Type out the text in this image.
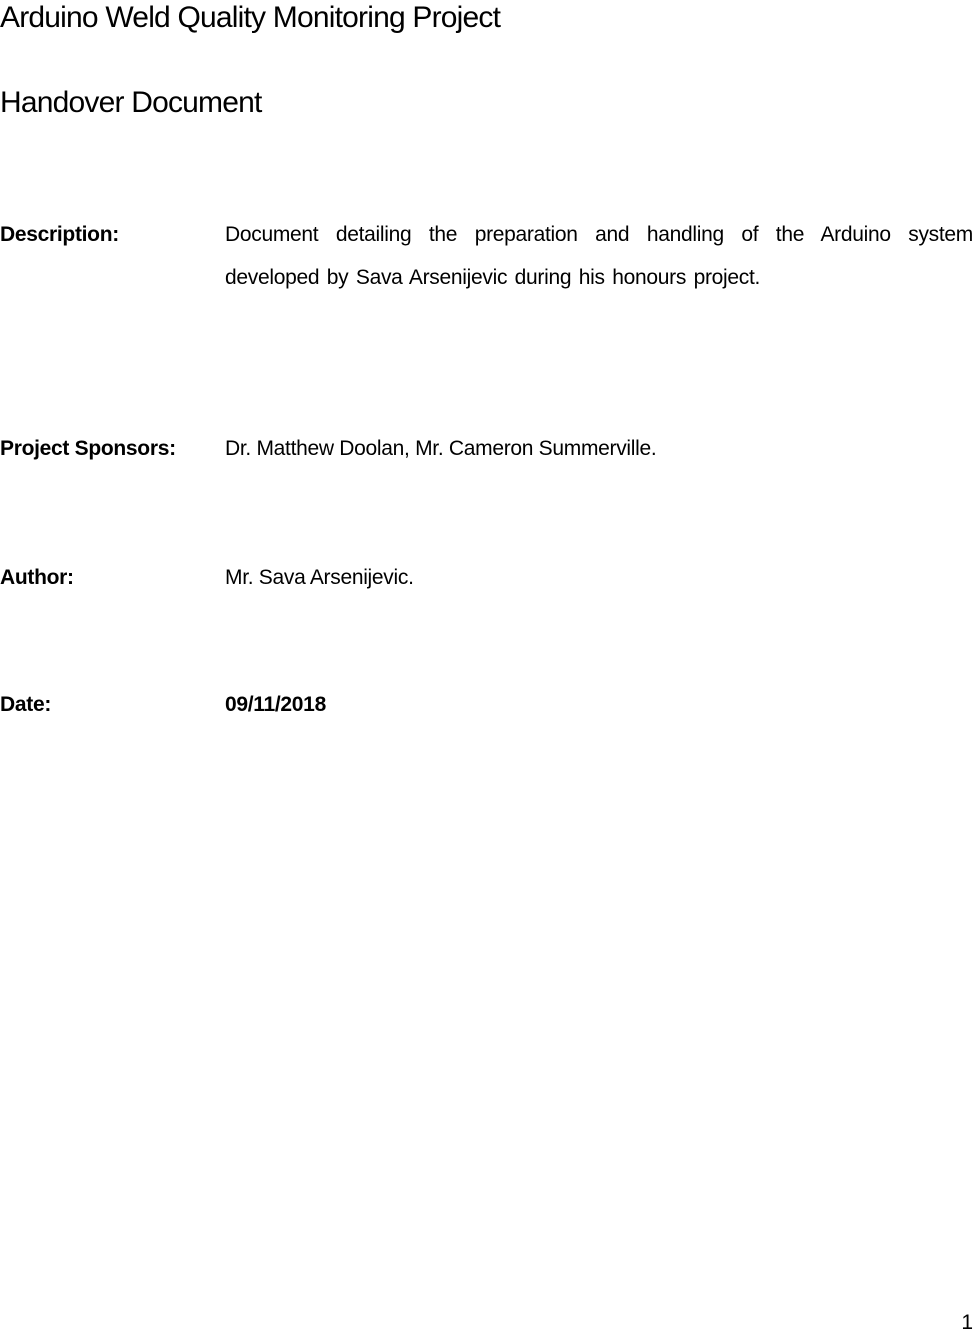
Arduino Weld Quality Monitoring Project
Handover Document
Description:	Document detailing the preparation and handling of the Arduino system developed by Sava Arsenijevic during his honours project.
Project Sponsors: Dr. Matthew Doolan, Mr. Cameron Summerville.
Author:	Mr. Sava Arsenijevic.
Date:	09/11/2018
1
